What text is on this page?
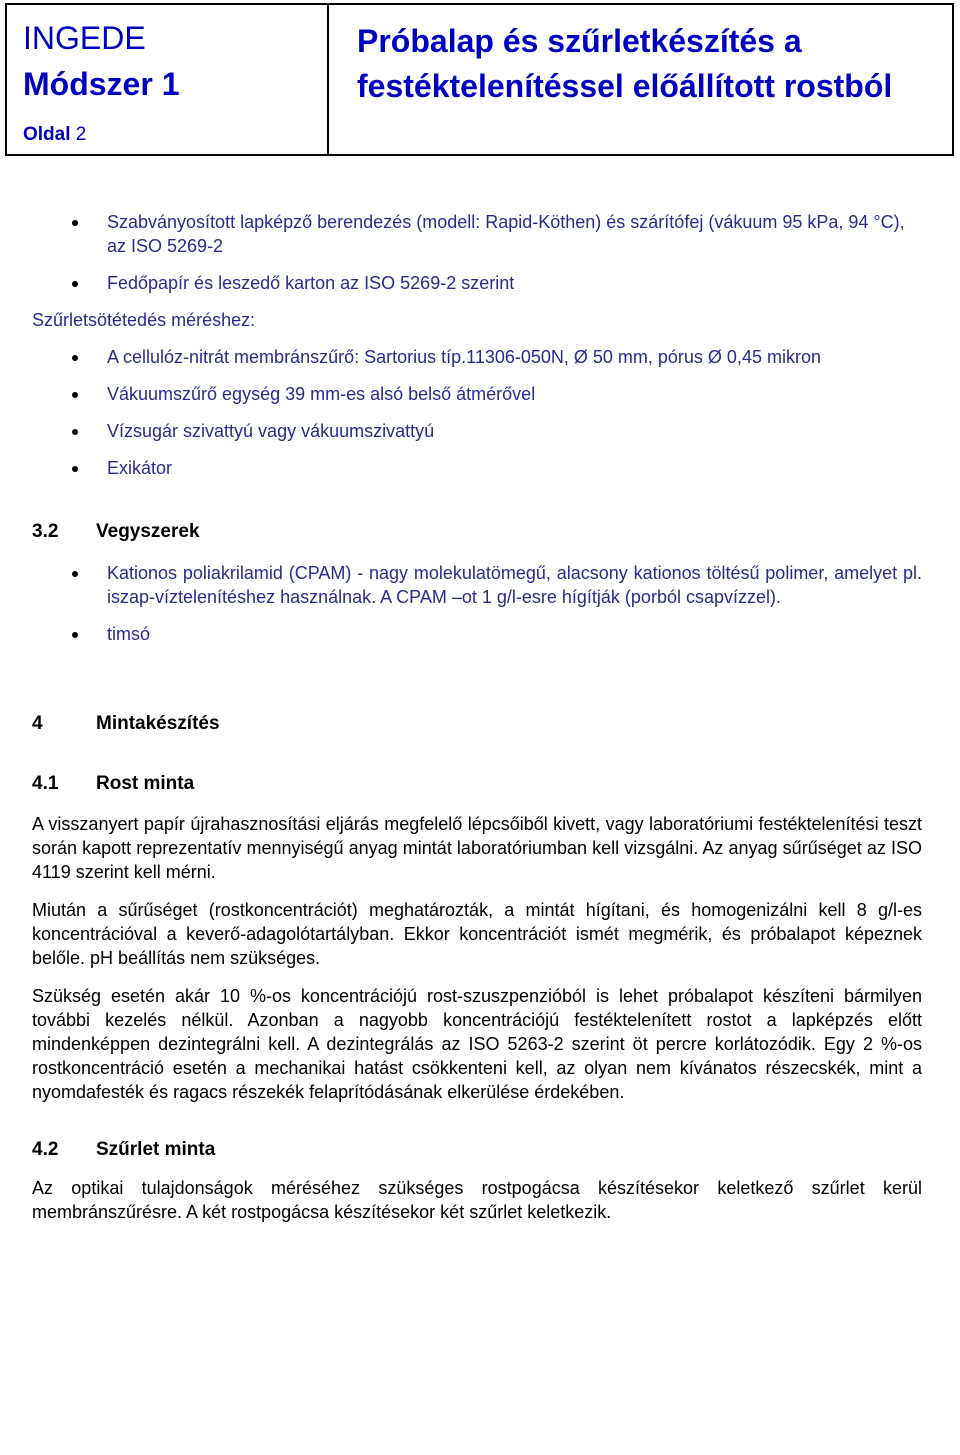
INGEDE
Módszer 1
Oldal 2
Próbalap és szűrletkészítés a festéktelenítéssel előállított rostból
Szabványosított lapképző berendezés (modell: Rapid-Köthen) és szárítófej (vákuum 95 kPa, 94 °C), az ISO 5269-2
Fedőpapír és leszedő karton az ISO 5269-2 szerint
Szűrletsötétedés méréshez:
A cellulóz-nitrát membránszűrő: Sartorius típ.11306-050N, Ø 50 mm, pórus Ø 0,45 mikron
Vákuumszűrő egység 39 mm-es alsó belső átmérővel
Vízsugár szivattyú vagy vákuumszivattyú
Exikátor
3.2 Vegyszerek
Kationos poliakrilamid (CPAM) - nagy molekulatömegű, alacsony kationos töltésű polimer, amelyet pl. iszap-víztelenítéshez használnak. A CPAM –ot 1 g/l-esre hígítják (porból csapvízzel).
timsó
4	Mintakészítés
4.1 Rost minta

A visszanyert papír újrahasznosítási eljárás megfelelő lépcsőiből kivett, vagy laboratóriumi festéktelenítési teszt során kapott reprezentatív mennyiségű anyag mintát laboratóriumban kell vizsgálni. Az anyag sűrűséget az ISO 4119 szerint kell mérni.

Miután a sűrűséget (rostkoncentrációt) meghatározták, a mintát hígítani, és homogenizálni kell 8 g/l-es koncentrációval a keverő-adagolótartályban. Ekkor koncentrációt ismét megmérik, és próbalapot képeznek belőle. pH beállítás nem szükséges.

Szükség esetén akár 10 %-os koncentrációjú rost-szuszpenzióból is lehet próbalapot készíteni bármilyen további kezelés nélkül. Azonban a nagyobb koncentrációjú festéktelenített rostot a lapképzés előtt mindenképpen dezintegrálni kell. A dezintegrálás az ISO 5263-2 szerint öt percre korlátozódik. Egy 2 %-os rostkoncentráció esetén a mechanikai hatást csökkenteni kell, az olyan nem kívánatos részecskék, mint a nyomdafesték és ragacs részekék felaprítódásának elkerülése érdekében.

4.2 Szűrlet minta

Az optikai tulajdonságok méréséhez szükséges rostpogácsa készítésekor keletkező szűrlet kerül membránszűrésre. A két rostpogácsa készítésekor két szűrlet keletkezik.
